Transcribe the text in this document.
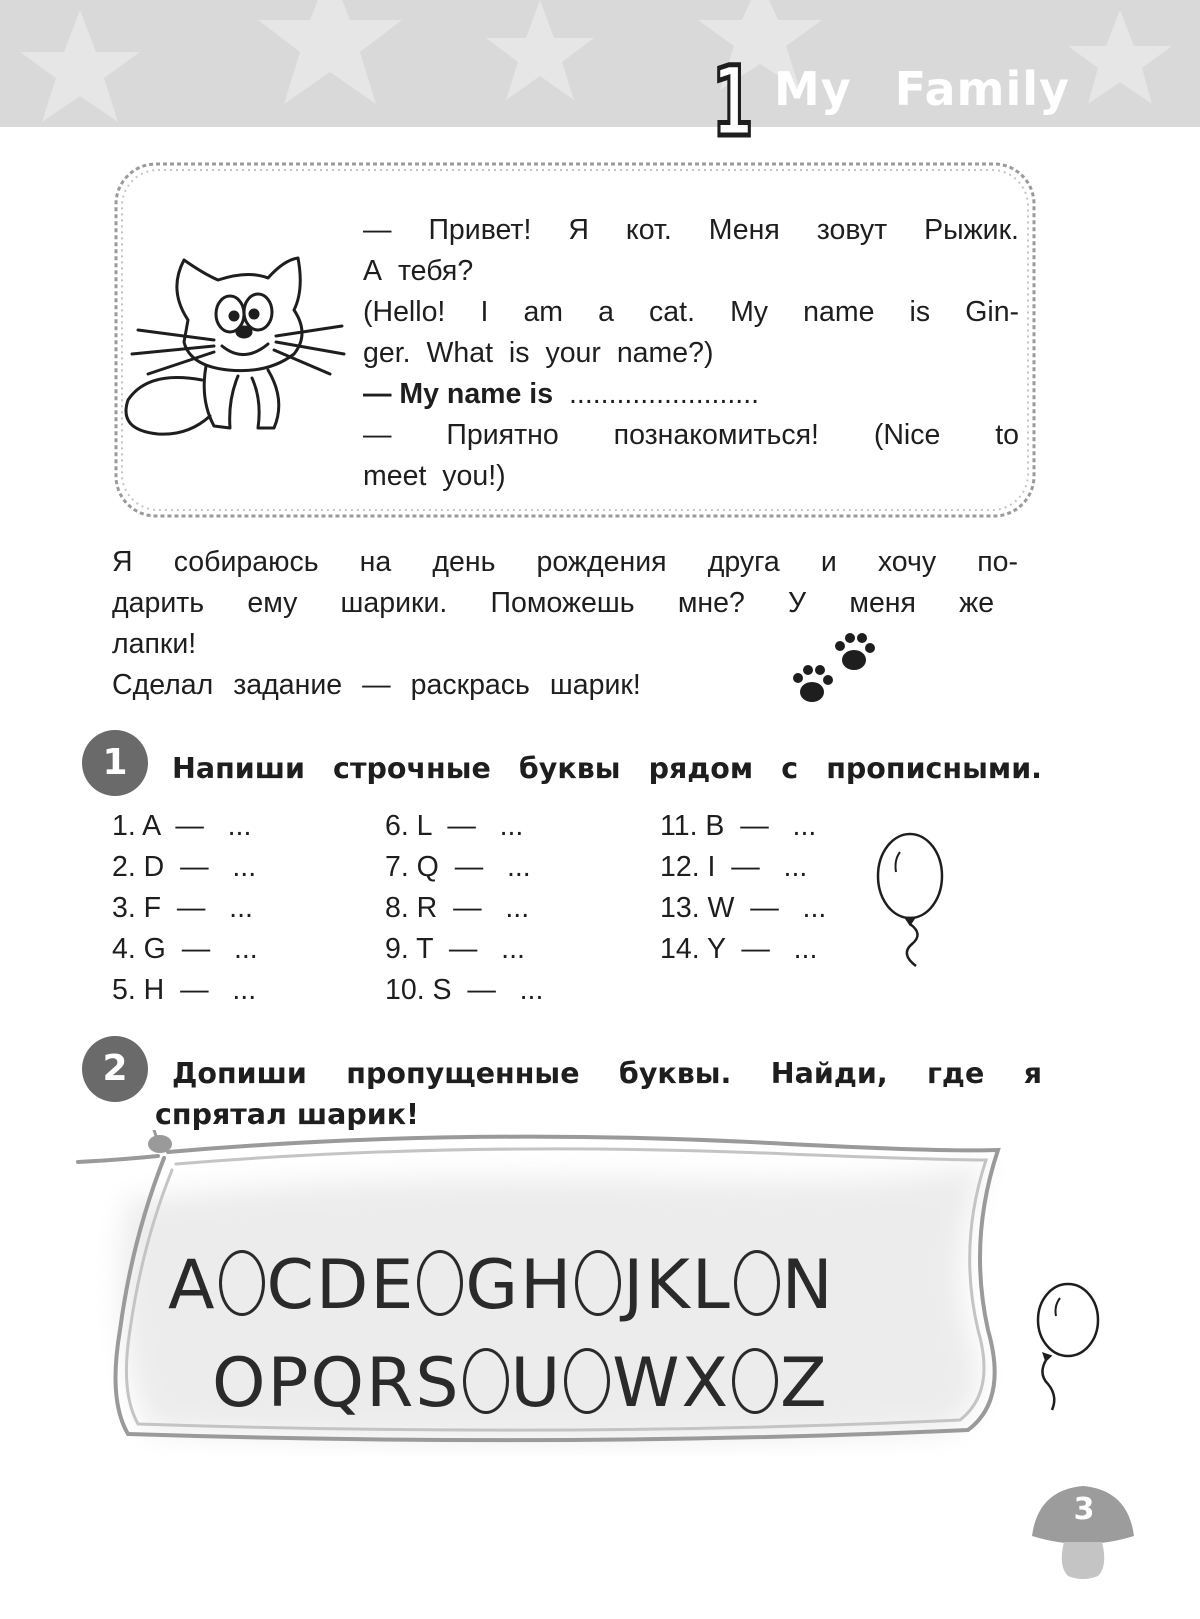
1 My Family
— Привет! Я кот. Меня зовут Рыжик.
А тебя?
(Hello! I am a cat. My name is Gin-
ger. What is your name?)
— My name is ........................
— Приятно познакомиться! (Nice to
meet you!)
Я собираюсь на день рождения друга и хочу по-
дарить ему шарики. Поможешь мне? У меня же
лапки!
Сделал задание — раскрась шарик!
1	Напиши строчные буквы рядом с прописными.
1. A  —   ...
2. D  —   ...
3. F  —   ...
4. G  —   ...
5. H  —   ...
6. L  —   ...
7. Q  —   ...
8. R  —   ...
9. T  —   ...
10. S  —   ...
11. B  —   ...
12. I  —   ...
13. W  —   ...
14. Y  —   ...
2	Допиши пропущенные буквы. Найди, где я
спрятал шарик!
A CDE GH JKL N
OPQRS U WX Z
3
